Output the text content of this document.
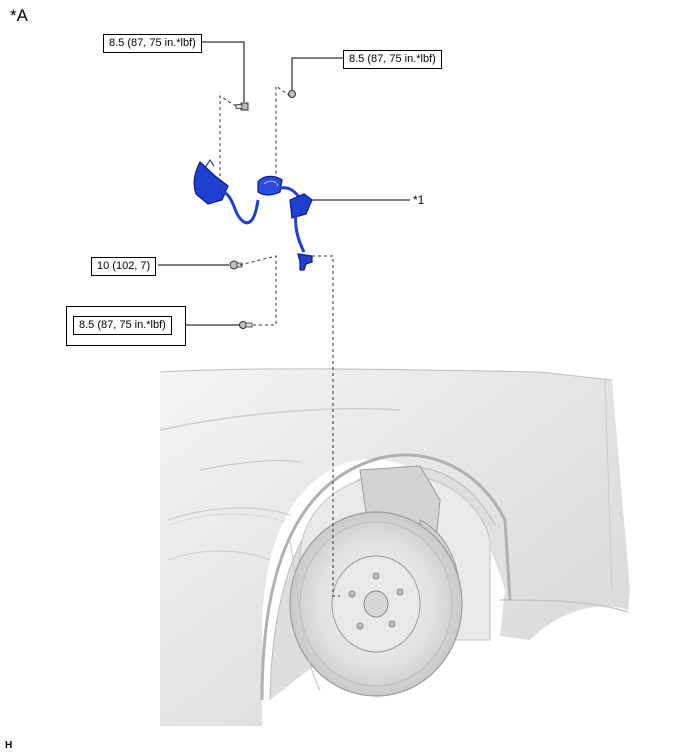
*A
8.5 (87, 75 in.*lbf)
8.5 (87, 75 in.*lbf)
10 (102, 7)
8.5 (87, 75 in.*lbf)
*1
H
